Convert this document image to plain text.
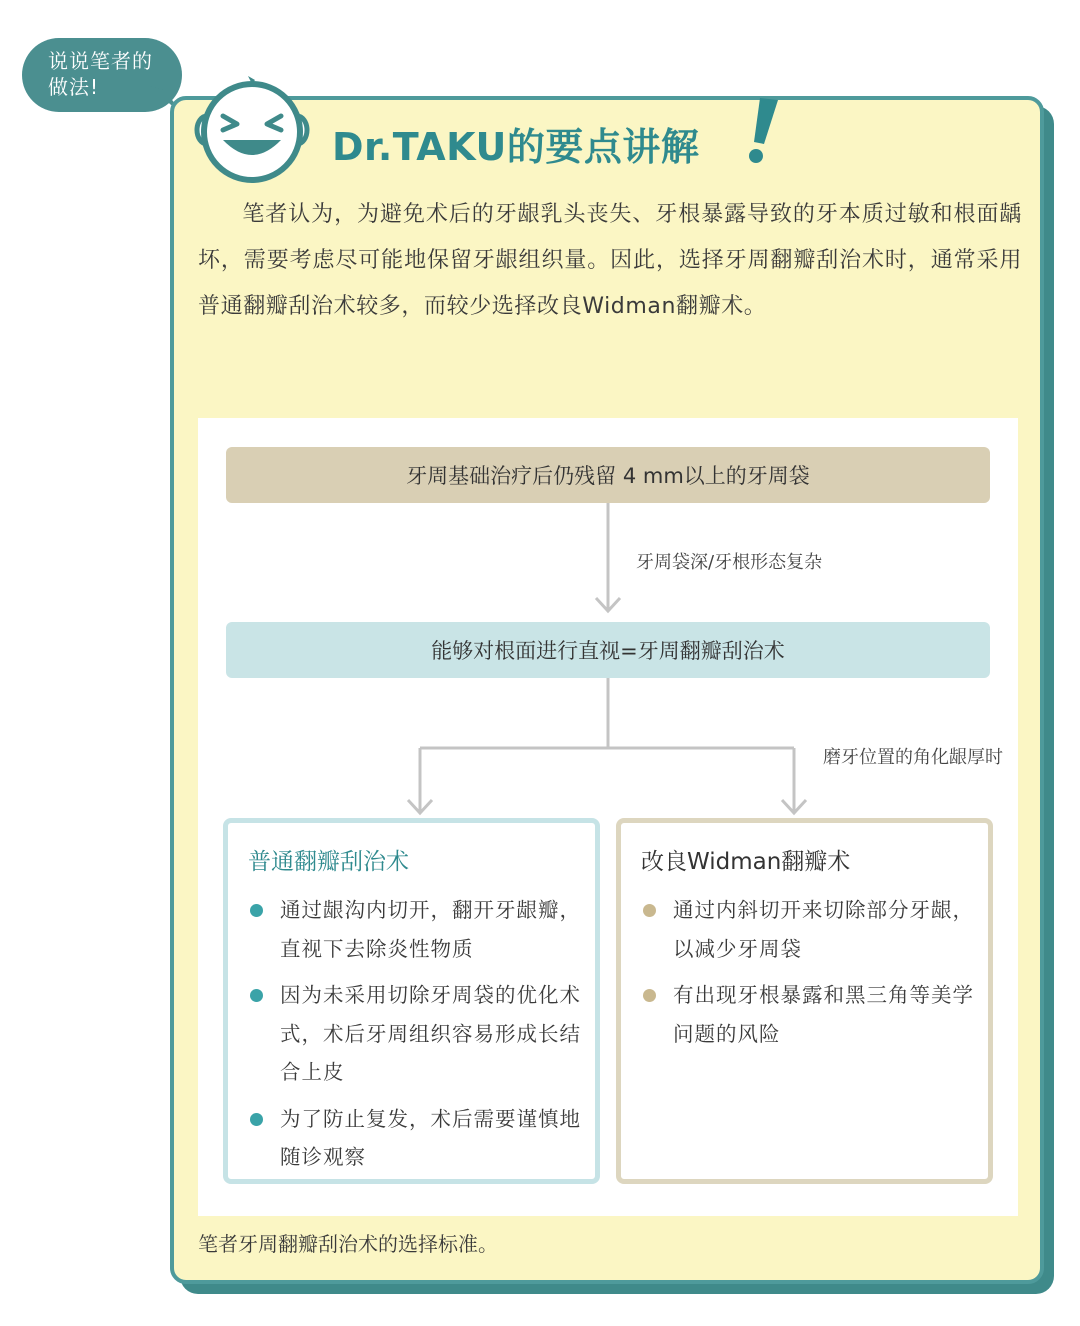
说说笔者的
做法!
Dr.TAKU的要点讲解

笔者认为，为避免术后的牙龈乳头丧失、牙根暴露导致的牙本质过敏和根面龋坏，需要考虑尽可能地保留牙龈组织量。因此，选择牙周翻瓣刮治术时，通常采用普通翻瓣刮治术较多，而较少选择改良Widman翻瓣术。

牙周基础治疗后仍残留 4 mm以上的牙周袋
牙周袋深/牙根形态复杂
能够对根面进行直视=牙周翻瓣刮治术
磨牙位置的角化龈厚时
普通翻瓣刮治术
通过龈沟内切开，翻开牙龈瓣，直视下去除炎性物质
因为未采用切除牙周袋的优化术式，术后牙周组织容易形成长结合上皮
为了防止复发，术后需要谨慎地随诊观察
改良Widman翻瓣术
通过内斜切开来切除部分牙龈，以减少牙周袋
有出现牙根暴露和黑三角等美学问题的风险
笔者牙周翻瓣刮治术的选择标准。
